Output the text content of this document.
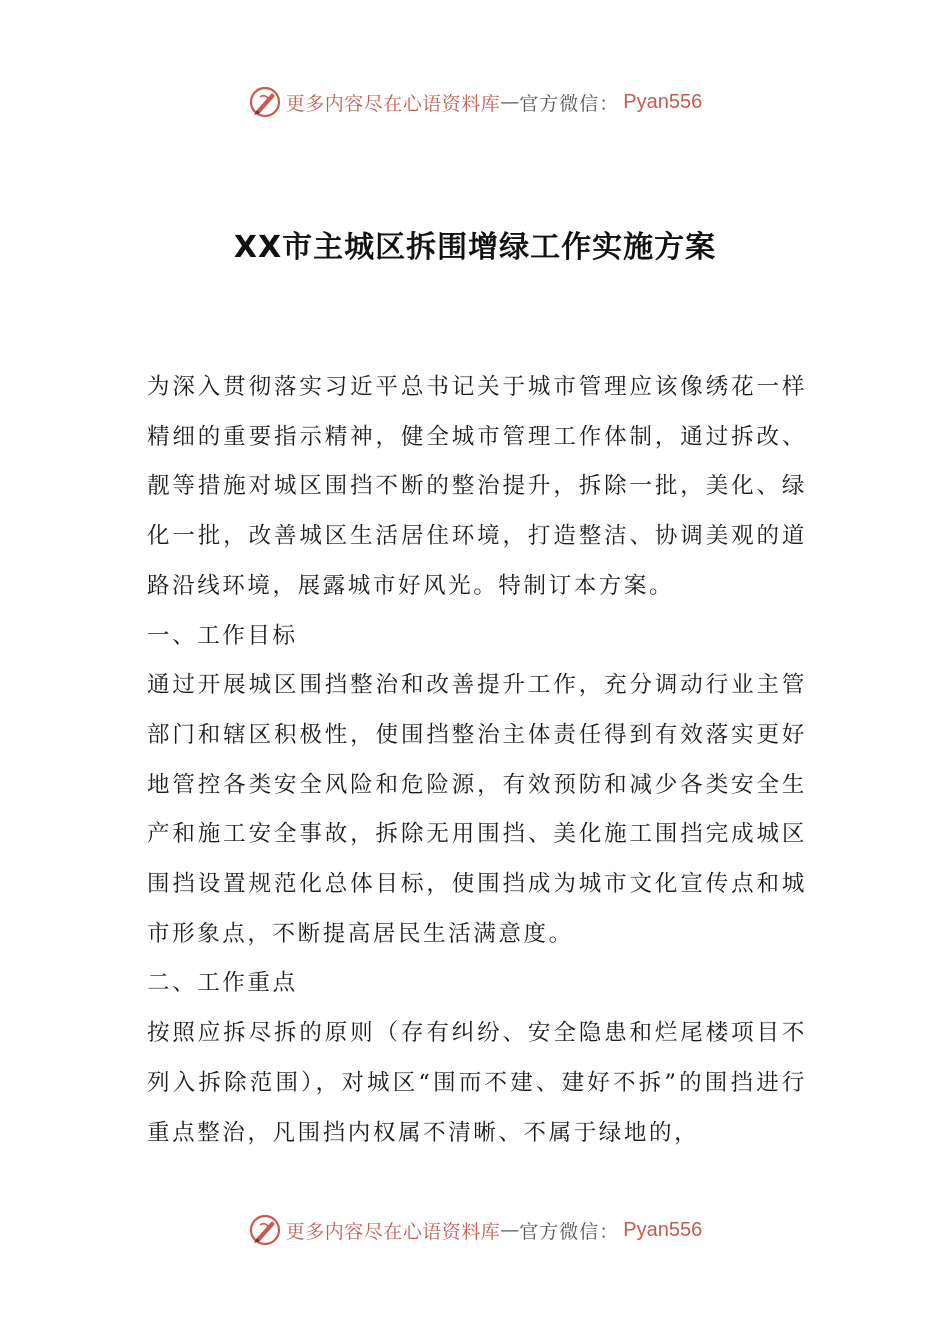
更多内容尽在心语资料库 — 官方微信： Pyan556
XX市主城区拆围增绿工作实施方案

为深入贯彻落实习近平总书记关于城市管理应该像绣花一样精细的重要指示精神，健全城市管理工作体制，通过拆改、靓等措施对城区围挡不断的整治提升，拆除一批，美化、绿化一批，改善城区生活居住环境，打造整洁、协调美观的道路沿线环境，展露城市好风光。特制订本方案。

一、工作目标

通过开展城区围挡整治和改善提升工作，充分调动行业主管部门和辖区积极性，使围挡整治主体责任得到有效落实更好地管控各类安全风险和危险源，有效预防和减少各类安全生产和施工安全事故，拆除无用围挡、美化施工围挡完成城区围挡设置规范化总体目标，使围挡成为城市文化宣传点和城市形象点，不断提高居民生活满意度。

二、工作重点

按照应拆尽拆的原则（存有纠纷、安全隐患和烂尾楼项目不列入拆除范围），对城区“围而不建、建好不拆”的围挡进行重点整治，凡围挡内权属不清晰、不属于绿地的，

更多内容尽在心语资料库 — 官方微信： Pyan556
